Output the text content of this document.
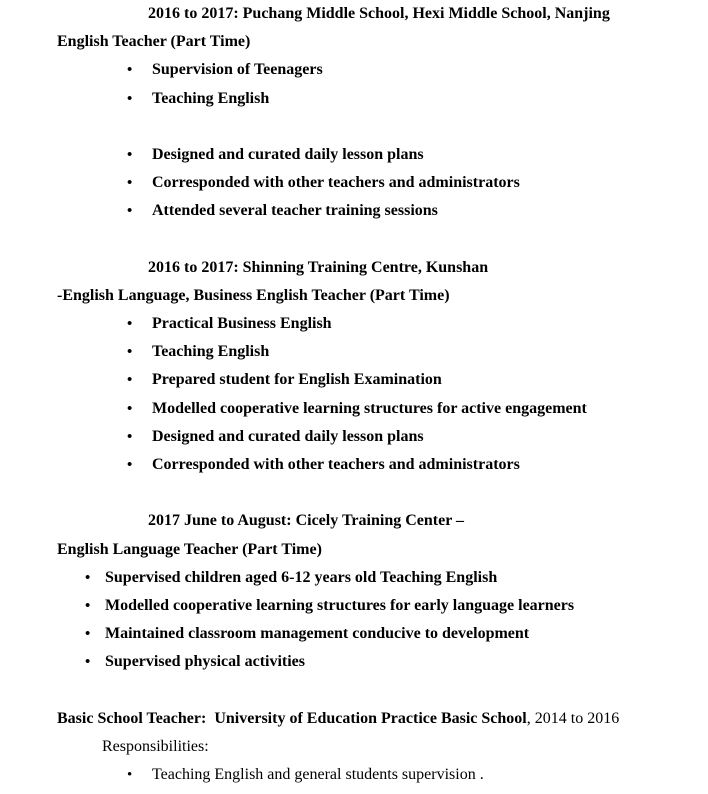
2016 to 2017: Puchang Middle School, Hexi Middle School, Nanjing
English Teacher (Part Time)
• Supervision of Teenagers
• Teaching English
• Designed and curated daily lesson plans
• Corresponded with other teachers and administrators
• Attended several teacher training sessions
2016 to 2017: Shinning Training Centre, Kunshan
-English Language, Business English Teacher (Part Time)
• Practical Business English
• Teaching English
• Prepared student for English Examination
• Modelled cooperative learning structures for active engagement
• Designed and curated daily lesson plans
• Corresponded with other teachers and administrators
2017 June to August: Cicely Training Center –
English Language Teacher (Part Time)
• Supervised children aged 6-12 years old Teaching English
• Modelled cooperative learning structures for early language learners
• Maintained classroom management conducive to development
• Supervised physical activities
Basic School Teacher:  University of Education Practice Basic School, 2014 to 2016
Responsibilities:
• Teaching English and general students supervision .
